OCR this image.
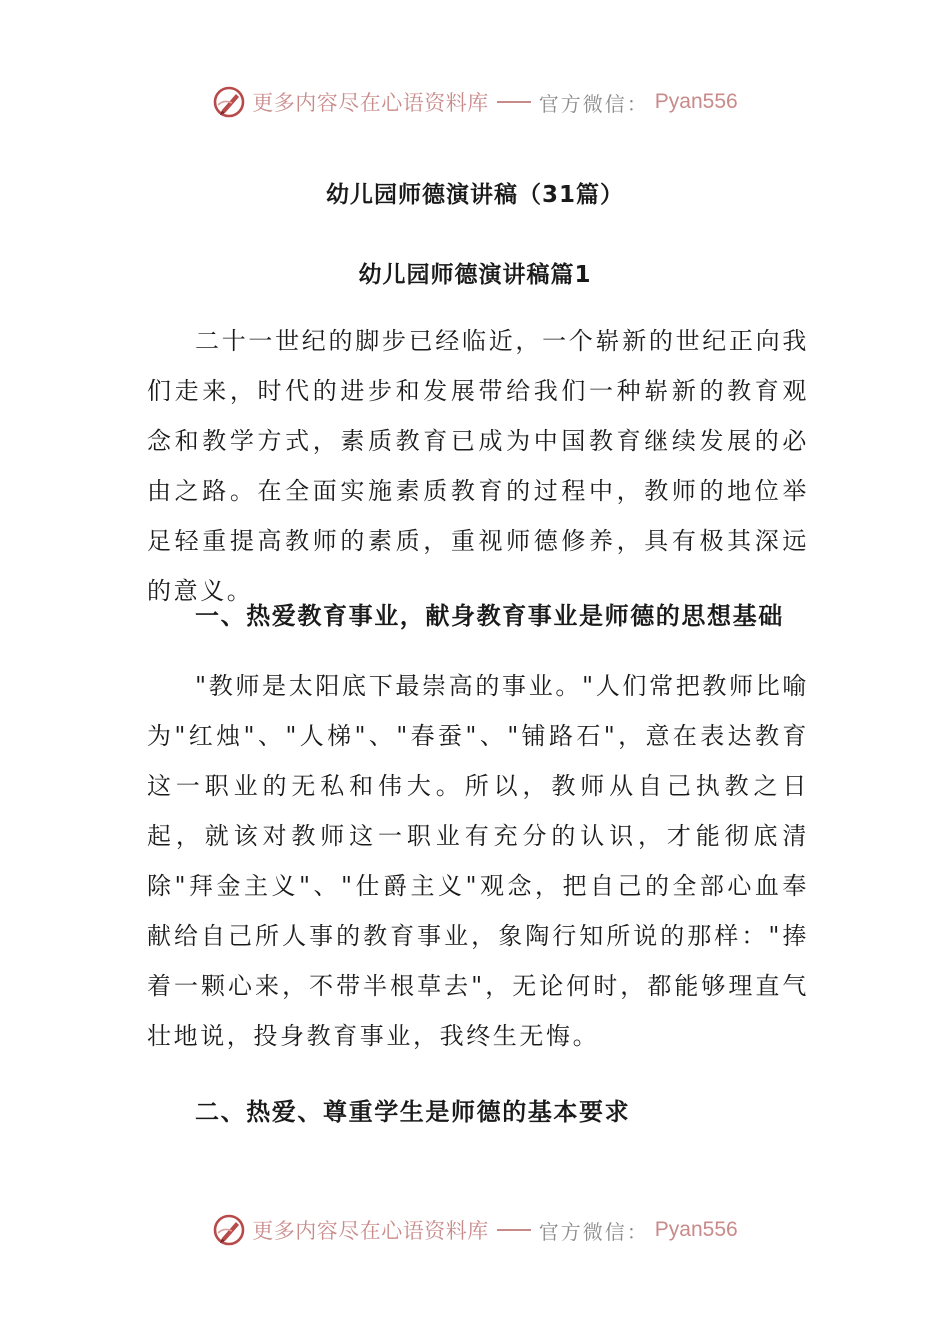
更多内容尽在心语资料库	官方微信： Pyan556
幼儿园师德演讲稿（31篇）
幼儿园师德演讲稿篇1

二十一世纪的脚步已经临近，一个崭新的世纪正向我们走来，时代的进步和发展带给我们一种崭新的教育观念和教学方式，素质教育已成为中国教育继续发展的必由之路。在全面实施素质教育的过程中，教师的地位举足轻重提高教师的素质，重视师德修养，具有极其深远的意义。

一、热爱教育事业，献身教育事业是师德的思想基础

"教师是太阳底下最崇高的事业。"人们常把教师比喻为"红烛"、"人梯"、"春蚕"、"铺路石"，意在表达教育这一职业的无私和伟大。所以，教师从自己执教之日起，就该对教师这一职业有充分的认识，才能彻底清除"拜金主义"、"仕爵主义"观念，把自己的全部心血奉献给自己所人事的教育事业，象陶行知所说的那样："捧着一颗心来，不带半根草去"，无论何时，都能够理直气壮地说，投身教育事业，我终生无悔。

二、热爱、尊重学生是师德的基本要求
更多内容尽在心语资料库	官方微信： Pyan556
